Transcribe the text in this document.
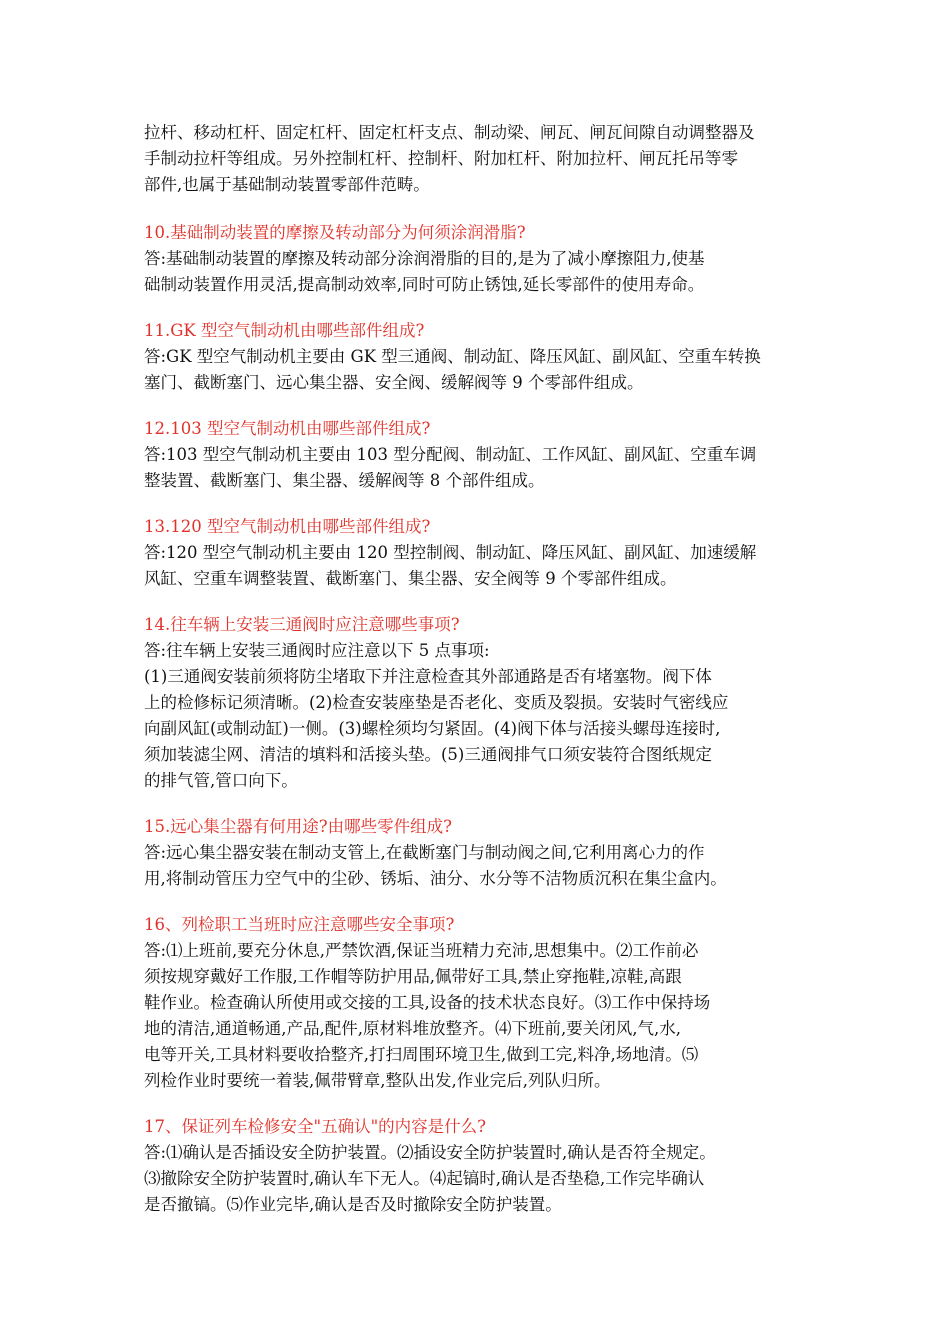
拉杆、移动杠杆、固定杠杆、固定杠杆支点、制动梁、闸瓦、闸瓦间隙自动调整器及
手制动拉杆等组成。另外控制杠杆、控制杆、附加杠杆、附加拉杆、闸瓦托吊等零
部件,也属于基础制动装置零部件范畴。
10.基础制动装置的摩擦及转动部分为何须涂润滑脂?
答:基础制动装置的摩擦及转动部分涂润滑脂的目的,是为了减小摩擦阻力,使基
础制动装置作用灵活,提高制动效率,同时可防止锈蚀,延长零部件的使用寿命。
11.GK 型空气制动机由哪些部件组成?
答:GK 型空气制动机主要由 GK 型三通阀、制动缸、降压风缸、副风缸、空重车转换
塞门、截断塞门、远心集尘器、安全阀、缓解阀等 9 个零部件组成。
12.103 型空气制动机由哪些部件组成?
答:103 型空气制动机主要由 103 型分配阀、制动缸、工作风缸、副风缸、空重车调
整装置、截断塞门、集尘器、缓解阀等 8 个部件组成。
13.120 型空气制动机由哪些部件组成?
答:120 型空气制动机主要由 120 型控制阀、制动缸、降压风缸、副风缸、加速缓解
风缸、空重车调整装置、截断塞门、集尘器、安全阀等 9 个零部件组成。
14.往车辆上安装三通阀时应注意哪些事项?
答:往车辆上安装三通阀时应注意以下 5 点事项:
(1)三通阀安装前须将防尘堵取下并注意检查其外部通路是否有堵塞物。阀下体
上的检修标记须清晰。(2)检查安装座垫是否老化、变质及裂损。安装时气密线应
向副风缸(或制动缸)一侧。(3)螺栓须均匀紧固。(4)阀下体与活接头螺母连接时,
须加装滤尘网、清洁的填料和活接头垫。(5)三通阀排气口须安装符合图纸规定
的排气管,管口向下。
15.远心集尘器有何用途?由哪些零件组成?
答:远心集尘器安装在制动支管上,在截断塞门与制动阀之间,它利用离心力的作
用,将制动管压力空气中的尘砂、锈垢、油分、水分等不洁物质沉积在集尘盒内。
16、列检职工当班时应注意哪些安全事项?
答:⑴上班前,要充分休息,严禁饮酒,保证当班精力充沛,思想集中。⑵工作前必
须按规穿戴好工作服,工作帽等防护用品,佩带好工具,禁止穿拖鞋,凉鞋,高跟
鞋作业。检查确认所使用或交接的工具,设备的技术状态良好。⑶工作中保持场
地的清洁,通道畅通,产品,配件,原材料堆放整齐。⑷下班前,要关闭风,气,水,
电等开关,工具材料要收拾整齐,打扫周围环境卫生,做到工完,料净,场地清。⑸
列检作业时要统一着装,佩带臂章,整队出发,作业完后,列队归所。
17、保证列车检修安全"五确认"的内容是什么?
答:⑴确认是否插设安全防护装置。⑵插设安全防护装置时,确认是否符全规定。
⑶撤除安全防护装置时,确认车下无人。⑷起镐时,确认是否垫稳,工作完毕确认
是否撤镐。⑸作业完毕,确认是否及时撤除安全防护装置。
